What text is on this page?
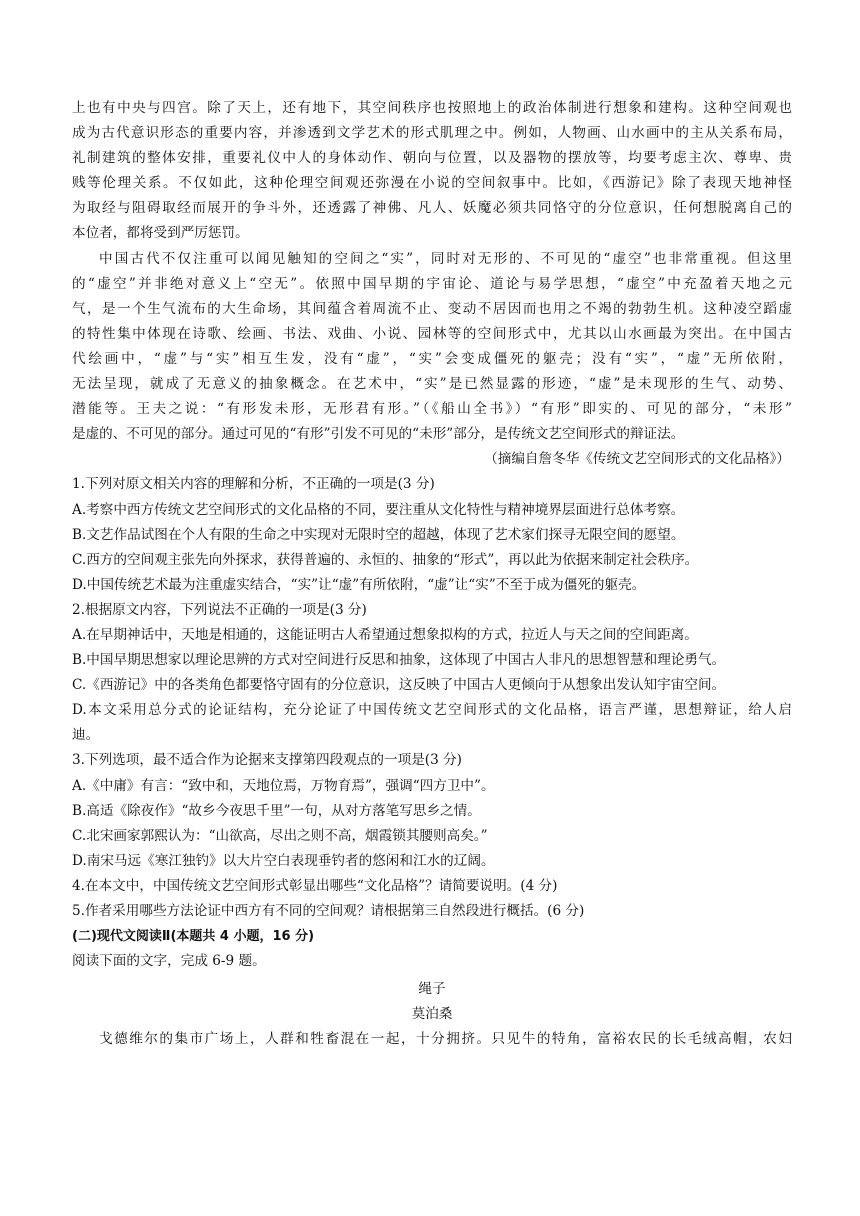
上也有中央与四宫。除了天上，还有地下，其空间秩序也按照地上的政治体制进行想象和建构。这种空间观也
成为古代意识形态的重要内容，并渗透到文学艺术的形式肌理之中。例如，人物画、山水画中的主从关系布局，
礼制建筑的整体安排，重要礼仪中人的身体动作、朝向与位置，以及器物的摆放等，均要考虑主次、尊卑、贵
贱等伦理关系。不仅如此，这种伦理空间观还弥漫在小说的空间叙事中。比如，《西游记》除了表现天地神怪
为取经与阻碍取经而展开的争斗外，还透露了神佛、凡人、妖魔必须共同恪守的分位意识，任何想脱离自己的
本位者，都将受到严厉惩罚。
中国古代不仅注重可以闻见触知的空间之“实”，同时对无形的、不可见的“虚空”也非常重视。但这里
的“虚空”并非绝对意义上“空无”。依照中国早期的宇宙论、道论与易学思想，“虚空”中充盈着天地之元
气，是一个生气流布的大生命场，其间蕴含着周流不止、变动不居因而也用之不竭的勃勃生机。这种凌空蹈虚
的特性集中体现在诗歌、绘画、书法、戏曲、小说、园林等的空间形式中，尤其以山水画最为突出。在中国古
代绘画中，“虚”与“实”相互生发，没有“虚”，“实”会变成僵死的躯壳；没有“实”，“虚”无所依附，
无法呈现，就成了无意义的抽象概念。在艺术中，“实”是已然显露的形迹，“虚”是未现形的生气、动势、
潜能等。王夫之说：“有形发未形，无形君有形。”（《船山全书》）“有形”即实的、可见的部分，“未形”
是虚的、不可见的部分。通过可见的“有形”引发不可见的“未形”部分，是传统文艺空间形式的辩证法。
（摘编自詹冬华《传统文艺空间形式的文化品格》）
1.下列对原文相关内容的理解和分析，不正确的一项是(3 分)
A.考察中西方传统文艺空间形式的文化品格的不同，要注重从文化特性与精神境界层面进行总体考察。
B.文艺作品试图在个人有限的生命之中实现对无限时空的超越，体现了艺术家们探寻无限空间的愿望。
C.西方的空间观主张先向外探求，获得普遍的、永恒的、抽象的“形式”，再以此为依据来制定社会秩序。
D.中国传统艺术最为注重虚实结合，“实”让“虚”有所依附，“虚”让“实”不至于成为僵死的躯壳。
2.根据原文内容，下列说法不正确的一项是(3 分)
A.在早期神话中，天地是相通的，这能证明古人希望通过想象拟构的方式，拉近人与天之间的空间距离。
B.中国早期思想家以理论思辨的方式对空间进行反思和抽象，这体现了中国古人非凡的思想智慧和理论勇气。
C.《西游记》中的各类角色都要恪守固有的分位意识，这反映了中国古人更倾向于从想象出发认知宇宙空间。
D.本文采用总分式的论证结构，充分论证了中国传统文艺空间形式的文化品格，语言严谨，思想辩证，给人启
迪。
3.下列选项，最不适合作为论据来支撑第四段观点的一项是(3 分)
A.《中庸》有言：“致中和，天地位焉，万物育焉”，强调“四方卫中”。
B.高适《除夜作》“故乡今夜思千里”一句，从对方落笔写思乡之情。
C.北宋画家郭熙认为：“山欲高，尽出之则不高，烟霞锁其腰则高矣。”
D.南宋马远《寒江独钓》以大片空白表现垂钓者的悠闲和江水的辽阔。
4.在本文中，中国传统文艺空间形式彰显出哪些“文化品格”？请简要说明。(4 分)
5.作者采用哪些方法论证中西方有不同的空间观？请根据第三自然段进行概括。(6 分)
(二)现代文阅读Ⅱ(本题共 4 小题，16 分)
阅读下面的文字，完成 6-9 题。
绳子
莫泊桑
戈德维尔的集市广场上，人群和牲畜混在一起，十分拥挤。只见牛的特角，富裕农民的长毛绒高帽，农妇
